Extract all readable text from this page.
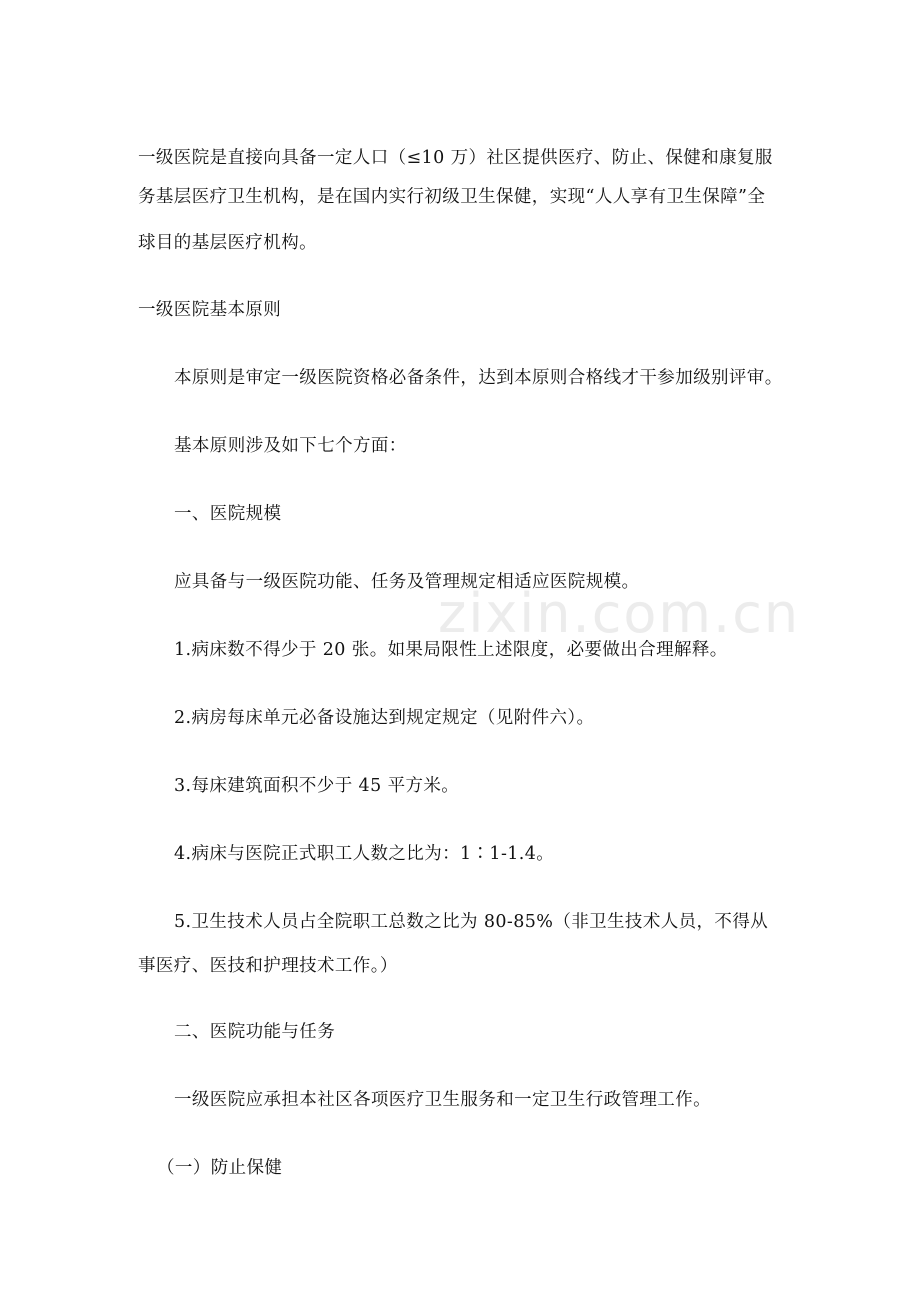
zixin.com.cn
一级医院是直接向具备一定人口（≤10 万）社区提供医疗、防止、保健和康复服
务基层医疗卫生机构，是在国内实行初级卫生保健，实现“人人享有卫生保障”全
球目的基层医疗机构。
一级医院基本原则
本原则是审定一级医院资格必备条件，达到本原则合格线才干参加级别评审。
基本原则涉及如下七个方面：
一、医院规模
应具备与一级医院功能、任务及管理规定相适应医院规模。
1.病床数不得少于 20 张。如果局限性上述限度，必要做出合理解释。
2.病房每床单元必备设施达到规定规定（见附件六）。
3.每床建筑面积不少于 45 平方米。
4.病床与医院正式职工人数之比为：1∶1-1.4。
5.卫生技术人员占全院职工总数之比为 80-85%（非卫生技术人员，不得从
事医疗、医技和护理技术工作。）
二、医院功能与任务
一级医院应承担本社区各项医疗卫生服务和一定卫生行政管理工作。
（一）防止保健
